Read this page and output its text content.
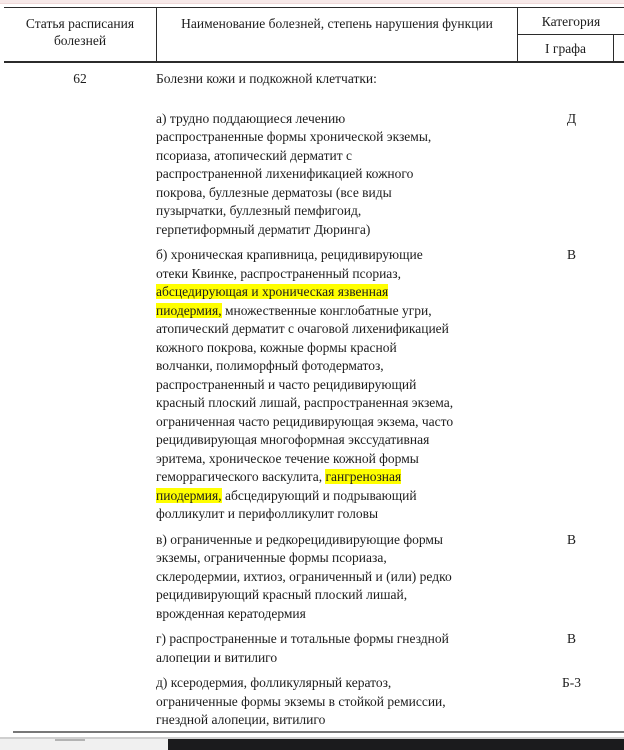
Статья расписания болезней
Наименование болезней, степень нарушения функции	Категория
I графа
62	Болезни кожи и подкожной клетчатки:
а) трудно поддающиеся лечению
распространенные формы хронической экземы,
псориаза, атопический дерматит с
распространенной лихенификацией кожного
покрова, буллезные дерматозы (все виды
пузырчатки, буллезный пемфигоид,
герпетиформный дерматит Дюринга)
Д
б) хроническая крапивница, рецидивирующие
отеки Квинке, распространенный псориаз,
абсцедирующая и хроническая язвенная
пиодермия, множественные конглобатные угри,
атопический дерматит с очаговой лихенификацией
кожного покрова, кожные формы красной
волчанки, полиморфный фотодерматоз,
распространенный и часто рецидивирующий
красный плоский лишай, распространенная экзема,
ограниченная часто рецидивирующая экзема, часто
рецидивирующая многоформная экссудативная
эритема, хроническое течение кожной формы
геморрагического васкулита, гангренозная
пиодермия, абсцедирующий и подрывающий
фолликулит и перифолликулит головы
В
в) ограниченные и редкорецидивирующие формы
экземы, ограниченные формы псориаза,
склеродермии, ихтиоз, ограниченный и (или) редко
рецидивирующий красный плоский лишай,
врожденная кератодермия
В
г) распространенные и тотальные формы гнездной
алопеции и витилиго
В
д) ксеродермия, фолликулярный кератоз,
ограниченные формы экземы в стойкой ремиссии,
гнездной алопеции, витилиго
Б-3
